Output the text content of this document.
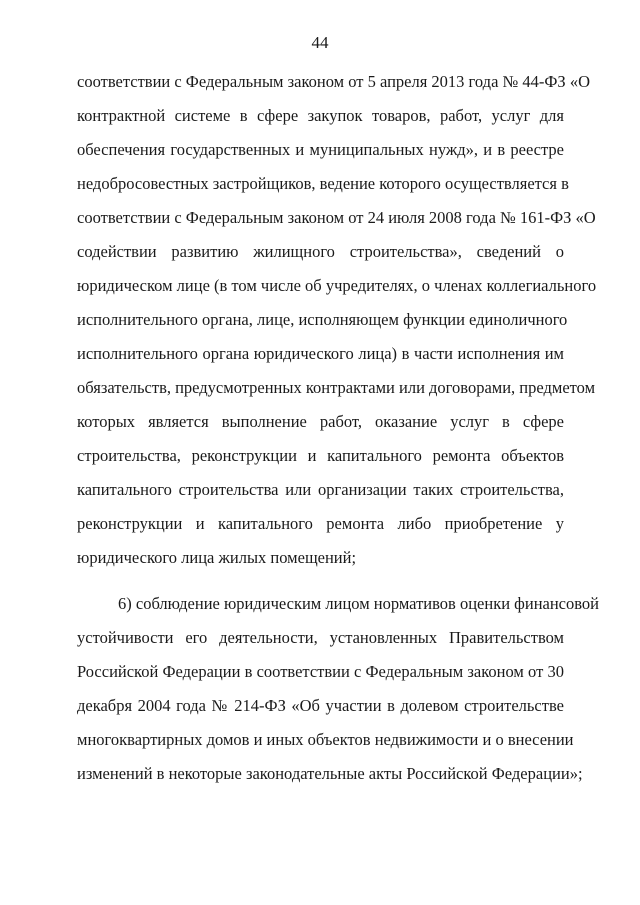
44
соответствии с Федеральным законом от 5 апреля 2013 года № 44-ФЗ «О
контрактной системе в сфере закупок товаров, работ, услуг для
обеспечения государственных и муниципальных нужд», и в реестре
недобросовестных застройщиков, ведение которого осуществляется в
соответствии с Федеральным законом от 24 июля 2008 года № 161-ФЗ «О
содействии развитию жилищного строительства», сведений о
юридическом лице (в том числе об учредителях, о членах коллегиального
исполнительного органа, лице, исполняющем функции единоличного
исполнительного органа юридического лица) в части исполнения им
обязательств, предусмотренных контрактами или договорами, предметом
которых является выполнение работ, оказание услуг в сфере
строительства, реконструкции и капитального ремонта объектов
капитального строительства или организации таких строительства,
реконструкции и капитального ремонта либо приобретение у
юридического лица жилых помещений;
6) соблюдение юридическим лицом нормативов оценки финансовой
устойчивости его деятельности, установленных Правительством
Российской Федерации в соответствии с Федеральным законом от 30
декабря 2004 года № 214-ФЗ «Об участии в долевом строительстве
многоквартирных домов и иных объектов недвижимости и о внесении
изменений в некоторые законодательные акты Российской Федерации»;
